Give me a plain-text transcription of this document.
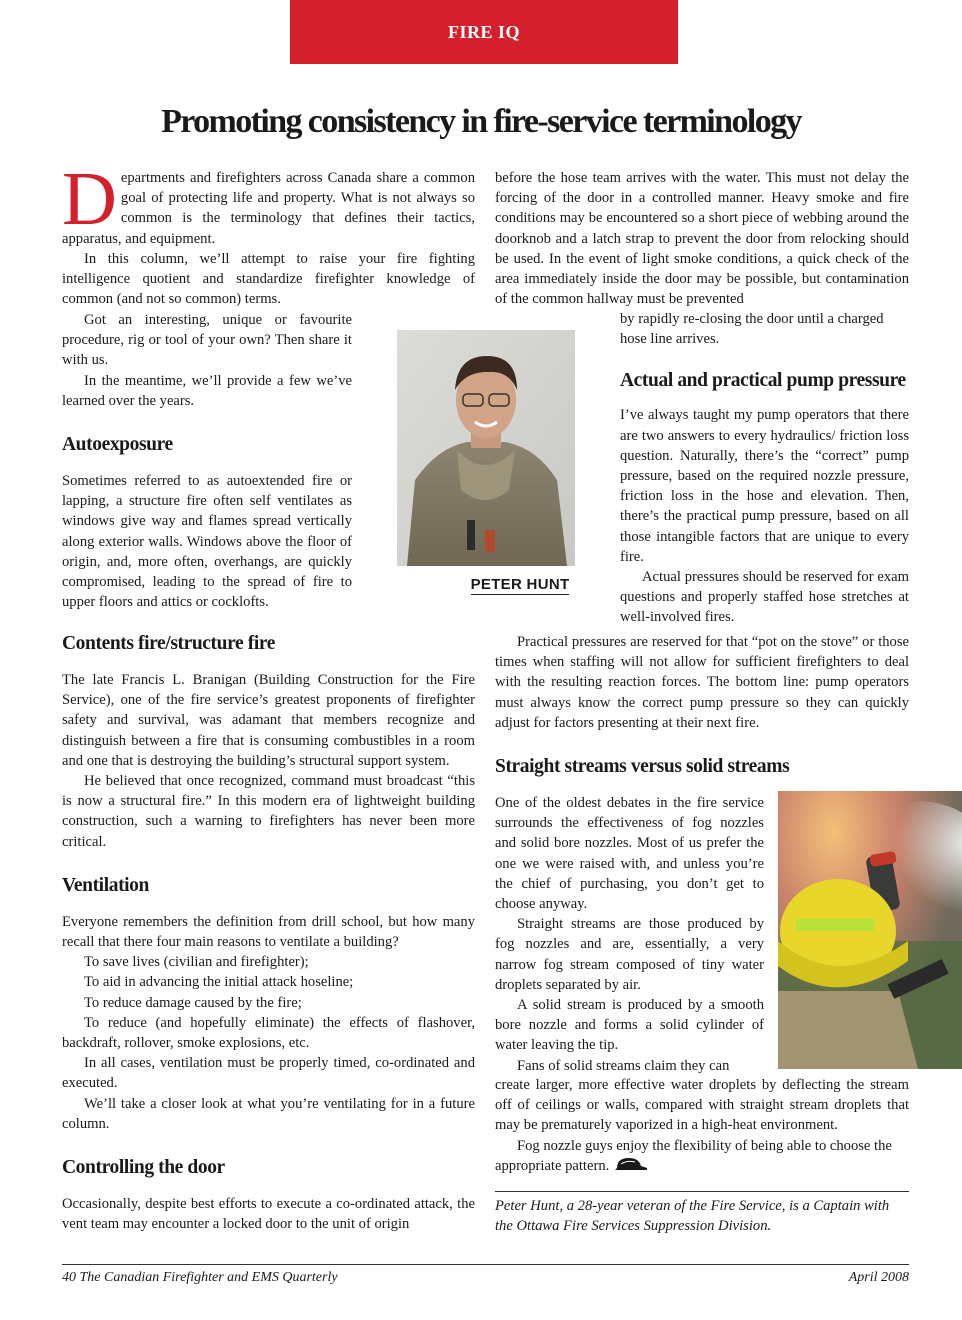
FIRE IQ
Promoting consistency in fire-service terminology

Departments and firefighters across Canada share a common goal of protecting life and property. What is not always so common is the terminology that defines their tactics, apparatus, and equipment.

In this column, we’ll attempt to raise your fire fighting intelligence quotient and standardize firefighter knowledge of common (and not so common) terms.

Got an interesting, unique or favourite procedure, rig or tool of your own? Then share it with us.

In the meantime, we’ll provide a few we’ve learned over the years.

Autoexposure

Sometimes referred to as autoextended fire or lapping, a structure fire often self ventilates as windows give way and flames spread vertically along exterior walls. Windows above the floor of origin, and, more often, overhangs, are quickly compromised, leading to the spread of fire to upper floors and attics or cocklofts.

PETER HUNT
Contents fire/structure fire

The late Francis L. Branigan (Building Construction for the Fire Service), one of the fire service’s greatest proponents of firefighter safety and survival, was adamant that members recognize and distinguish between a fire that is consuming combustibles in a room and one that is destroying the building’s structural support system.

He believed that once recognized, command must broadcast “this is now a structural fire.” In this modern era of lightweight building construction, such a warning to firefighters has never been more critical.

Ventilation

Everyone remembers the definition from drill school, but how many recall that there four main reasons to ventilate a building?

To save lives (civilian and firefighter);

To aid in advancing the initial attack hoseline;

To reduce damage caused by the fire;

To reduce (and hopefully eliminate) the effects of flashover, backdraft, rollover, smoke explosions, etc.

In all cases, ventilation must be properly timed, co-ordinated and executed.

We’ll take a closer look at what you’re ventilating for in a future column.

Controlling the door

Occasionally, despite best efforts to execute a co-ordinated attack, the vent team may encounter a locked door to the unit of origin

before the hose team arrives with the water. This must not delay the forcing of the door in a controlled manner. Heavy smoke and fire conditions may be encountered so a short piece of webbing around the doorknob and a latch strap to prevent the door from relocking should be used. In the event of light smoke conditions, a quick check of the area immediately inside the door may be possible, but contamination of the common hallway must be prevented

by rapidly re-closing the door until a charged hose line arrives.

Actual and practical pump pressure

I’ve always taught my pump operators that there are two answers to every hydraulics/ friction loss question. Naturally, there’s the “correct” pump pressure, based on the required nozzle pressure, friction loss in the hose and elevation. Then, there’s the practical pump pressure, based on all those intangible factors that are unique to every fire.

Actual pressures should be reserved for exam questions and properly staffed hose stretches at well-involved fires.

Practical pressures are reserved for that “pot on the stove” or those times when staffing will not allow for sufficient firefighters to deal with the resulting reaction forces. The bottom line: pump operators must always know the correct pump pressure so they can quickly adjust for factors presenting at their next fire.

Straight streams versus solid streams

One of the oldest debates in the fire service surrounds the effectiveness of fog nozzles and solid bore nozzles. Most of us prefer the one we were raised with, and unless you’re the chief of purchasing, you don’t get to choose anyway.

Straight streams are those produced by fog nozzles and are, essentially, a very narrow fog stream composed of tiny water droplets separated by air.

A solid stream is produced by a smooth bore nozzle and forms a solid cylinder of water leaving the tip.

Fans of solid streams claim they can

create larger, more effective water droplets by deflecting the stream off of ceilings or walls, compared with straight stream droplets that may be prematurely vaporized in a high-heat environment.

Fog nozzle guys enjoy the flexibility of being able to choose the appropriate pattern.

Peter Hunt, a 28-year veteran of the Fire Service, is a Captain with the Ottawa Fire Services Suppression Division.
40 The Canadian Firefighter and EMS Quarterly	April 2008
